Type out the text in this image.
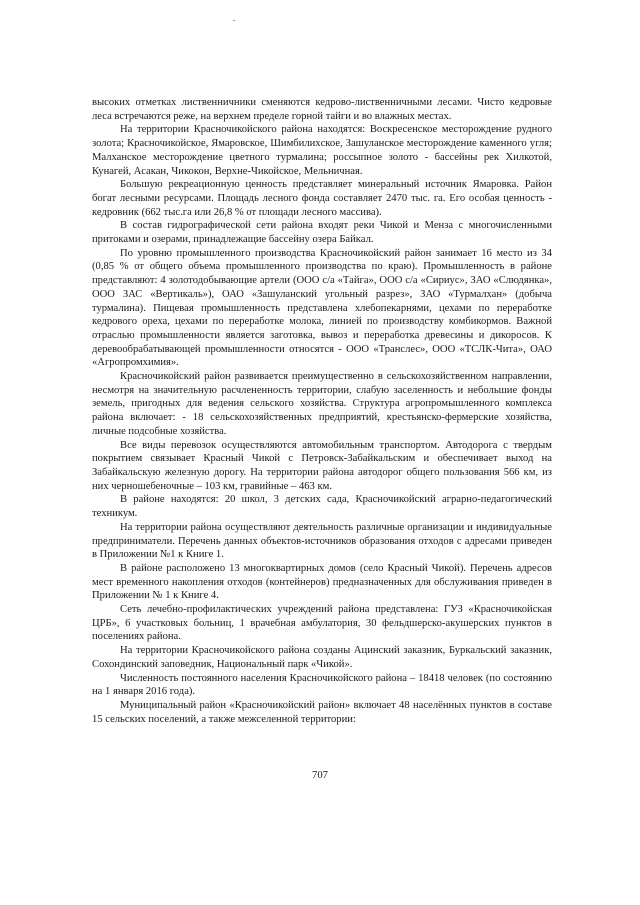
высоких отметках лиственничники сменяются кедрово-лиственничными лесами. Чисто кедровые леса встречаются реже, на верхнем пределе горной тайги и во влажных местах.

На территории Красночикойского района находятся: Воскресенское месторождение рудного золота; Красночикойское, Ямаровское, Шимбилиxское, Зашуланское месторождение каменного угля; Малханское месторождение цветного турмалина; россыпное золото - бассейны рек Хилкотой, Кунагей, Асакан, Чикокон, Верхне-Чикойское, Мельничная.

Большую рекреационную ценность представляет минеральный источник Ямаровка. Район богат лесными ресурсами. Площадь лесного фонда составляет 2470 тыс. га. Его особая ценность - кедровник (662 тыс.га или 26,8 % от площади лесного массива).

В состав гидрографической сети района входят реки Чикой и Менза с многочисленными притоками и озерами, принадлежащие бассейну озера Байкал.

По уровню промышленного производства Красночикойский район занимает 16 место из 34 (0,85 % от общего объема промышленного производства по краю). Промышленность в районе представляют: 4 золотодобывающие артели (ООО с/а «Тайга», ООО с/а «Сириус», ЗАО «Слюдянка», ООО ЗАС «Вертикаль»), ОАО «Зашуланский угольный разрез», ЗАО «Турмалхан» (добыча турмалина). Пищевая промышленность представлена хлебопекарнями, цехами по переработке кедрового ореха, цехами по переработке молока, линией по производству комбикормов. Важной отраслью промышленности является заготовка, вывоз и переработка древесины и дикоросов. К деревообрабатывающей промышленности относятся - ООО «Транслес», ООО «ТСЛК-Чита», ОАО «Агропромхимия».

Красночикойский район развивается преимущественно в сельскохозяйственном направлении, несмотря на значительную расчлененность территории, слабую заселенность и небольшие фонды земель, пригодных для ведения сельского хозяйства. Структура агропромышленного комплекса района включает: - 18 сельскохозяйственных предприятий, крестьянско-фермерские хозяйства, личные подсобные хозяйства.

Все виды перевозок осуществляются автомобильным транспортом. Автодорога с твердым покрытием связывает Красный Чикой с Петровск-Забайкальским и обеспечивает выход на Забайкальскую железную дорогу. На территории района автодорог общего пользования 566 км, из них черношебеночные – 103 км, гравийные – 463 км.

В районе находятся: 20 школ, 3 детских сада, Красночикойский аграрно-педагогический техникум.

На территории района осуществляют деятельность различные организации и индивидуальные предприниматели. Перечень данных объектов-источников образования отходов с адресами приведен в Приложении №1 к Книге 1.

В районе расположено 13 многоквартирных домов (село Красный Чикой). Перечень адресов мест временного накопления отходов (контейнеров) предназначенных для обслуживания приведен в Приложении № 1 к Книге 4.

Сеть лечебно-профилактических учреждений района представлена: ГУЗ «Красночикойская ЦРБ», 6 участковых больниц, 1 врачебная амбулатория, 30 фельдшерско-акушерских пунктов в поселениях района.

На территории Красночикойского района созданы Ацинский заказник, Буркальский заказник, Сохондинский заповедник, Национальный парк «Чикой».

Численность постоянного населения Красночикойского района – 18418 человек (по состоянию на 1 января 2016 года).

Муниципальный район «Красночикойский район» включает 48 населённых пунктов в составе 15 сельских поселений, а также межселенной территории:

707
